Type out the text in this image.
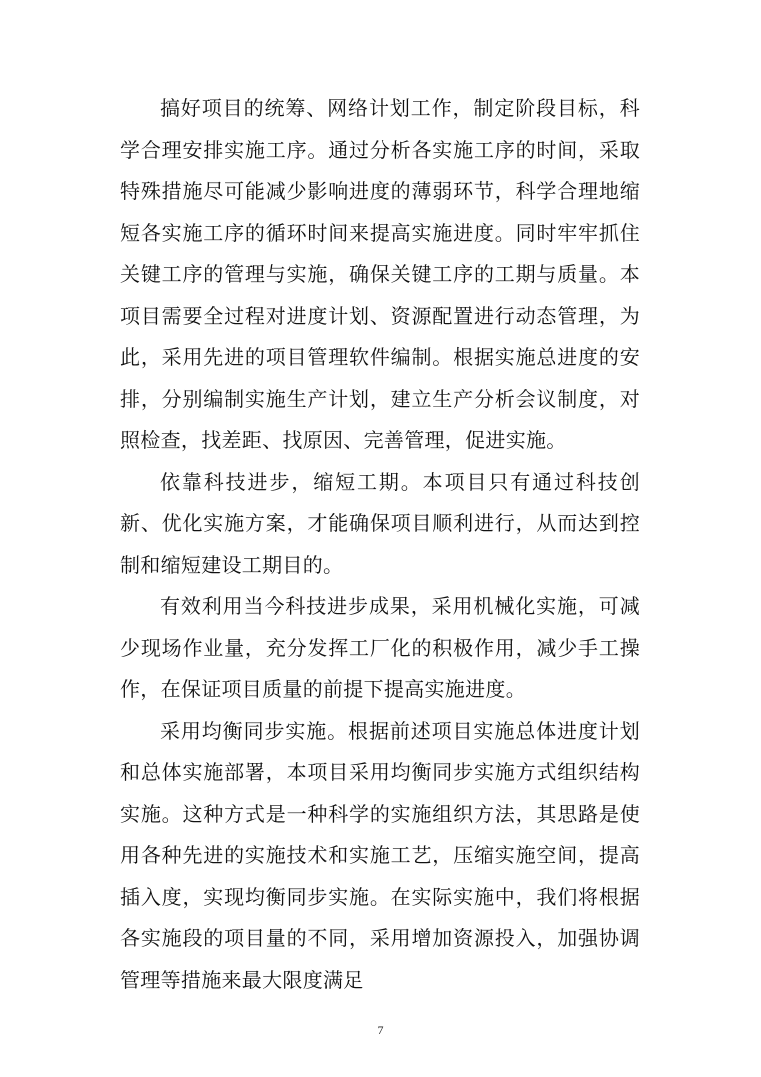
搞好项目的统筹、网络计划工作，制定阶段目标，科学合理安排实施工序。通过分析各实施工序的时间，采取特殊措施尽可能减少影响进度的薄弱环节，科学合理地缩短各实施工序的循环时间来提高实施进度。同时牢牢抓住关键工序的管理与实施，确保关键工序的工期与质量。本项目需要全过程对进度计划、资源配置进行动态管理，为此，采用先进的项目管理软件编制。根据实施总进度的安排，分别编制实施生产计划，建立生产分析会议制度，对照检查，找差距、找原因、完善管理，促进实施。

依靠科技进步，缩短工期。本项目只有通过科技创新、优化实施方案，才能确保项目顺利进行，从而达到控制和缩短建设工期目的。

有效利用当今科技进步成果，采用机械化实施，可减少现场作业量，充分发挥工厂化的积极作用，减少手工操作，在保证项目质量的前提下提高实施进度。

采用均衡同步实施。根据前述项目实施总体进度计划和总体实施部署，本项目采用均衡同步实施方式组织结构实施。这种方式是一种科学的实施组织方法，其思路是使用各种先进的实施技术和实施工艺，压缩实施空间，提高插入度，实现均衡同步实施。在实际实施中，我们将根据各实施段的项目量的不同，采用增加资源投入，加强协调管理等措施来最大限度满足

7
